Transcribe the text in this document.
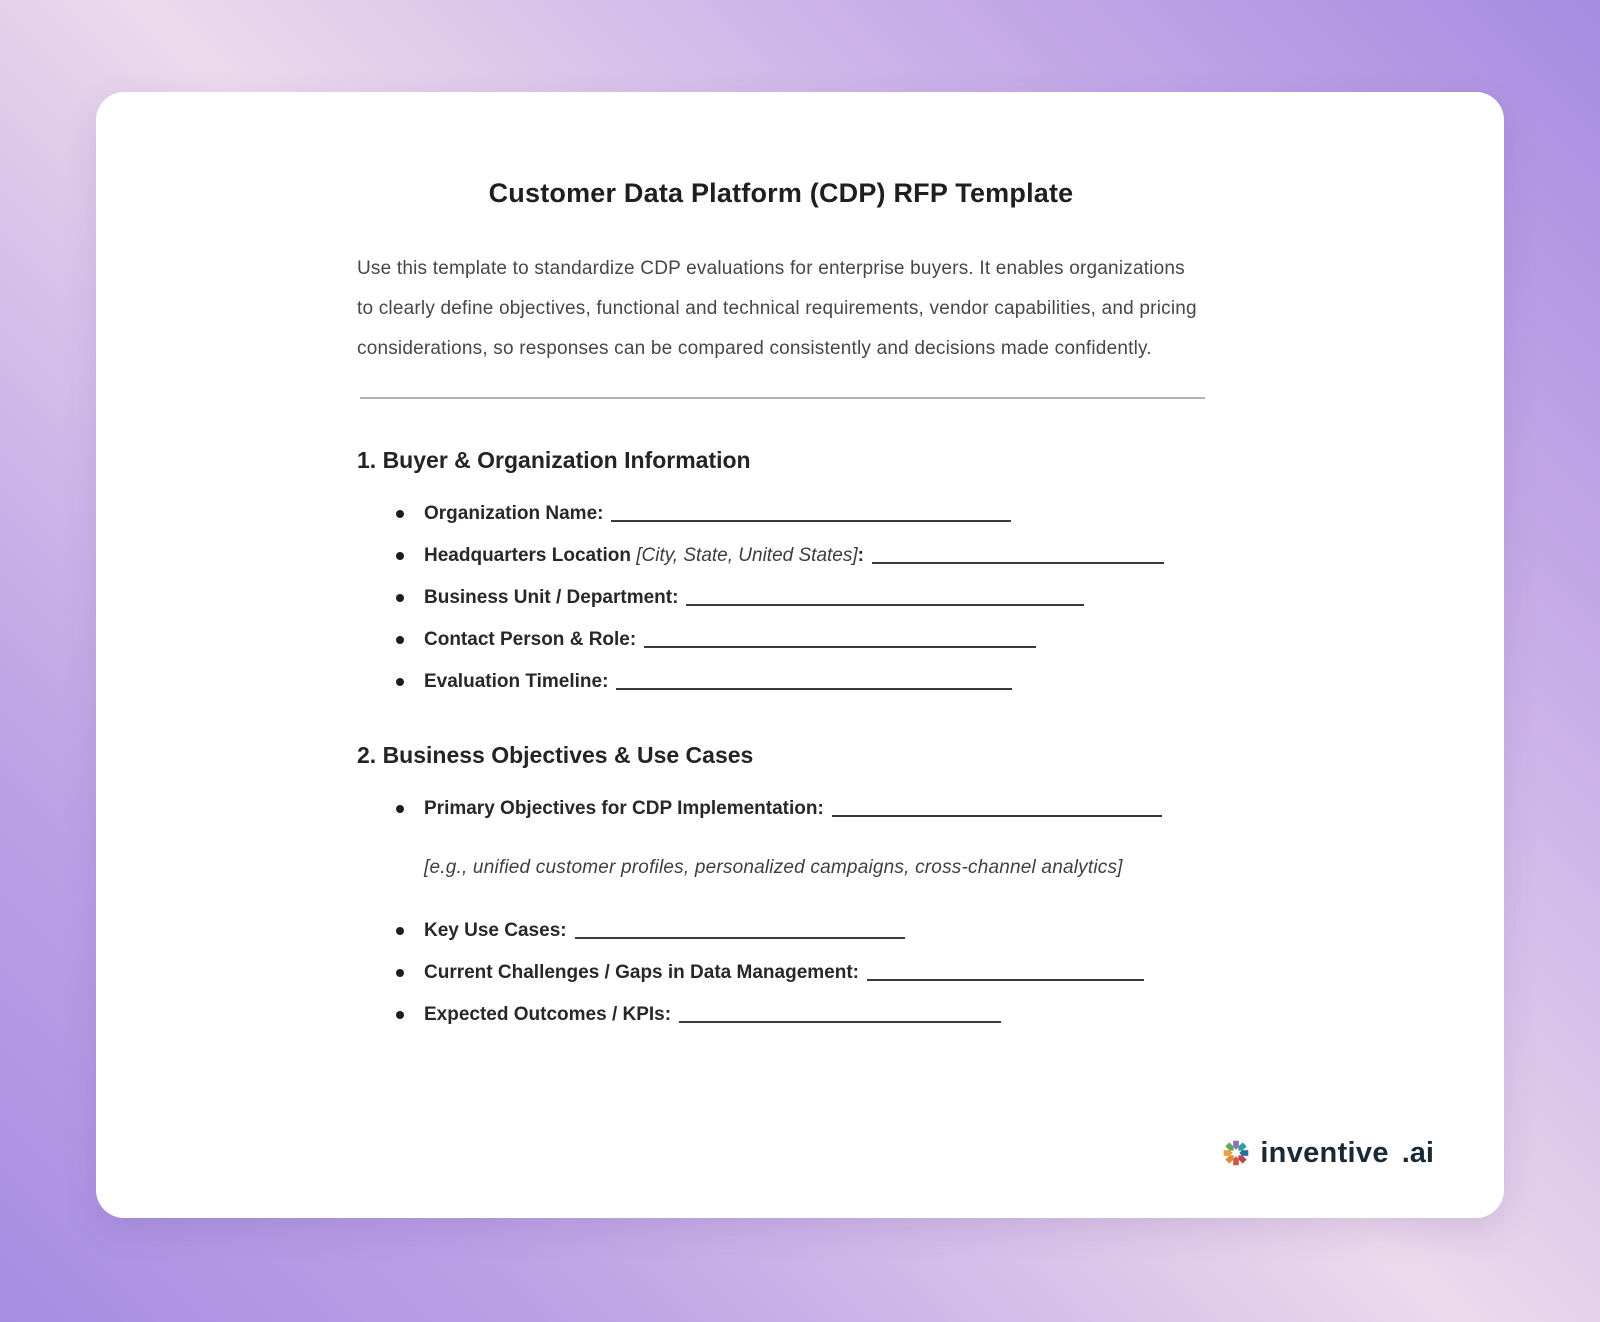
Customer Data Platform (CDP) RFP Template

Use this template to standardize CDP evaluations for enterprise buyers. It enables organizations to clearly define objectives, functional and technical requirements, vendor capabilities, and pricing considerations, so responses can be compared consistently and decisions made confidently.

1. Buyer & Organization Information
Organization Name:
Headquarters Location [City, State, United States]:
Business Unit / Department:
Contact Person & Role:
Evaluation Timeline:
2. Business Objectives & Use Cases
Primary Objectives for CDP Implementation:

[e.g., unified customer profiles, personalized campaigns, cross-channel analytics]

Key Use Cases:
Current Challenges / Gaps in Data Management:
Expected Outcomes / KPIs:
inventive .ai
